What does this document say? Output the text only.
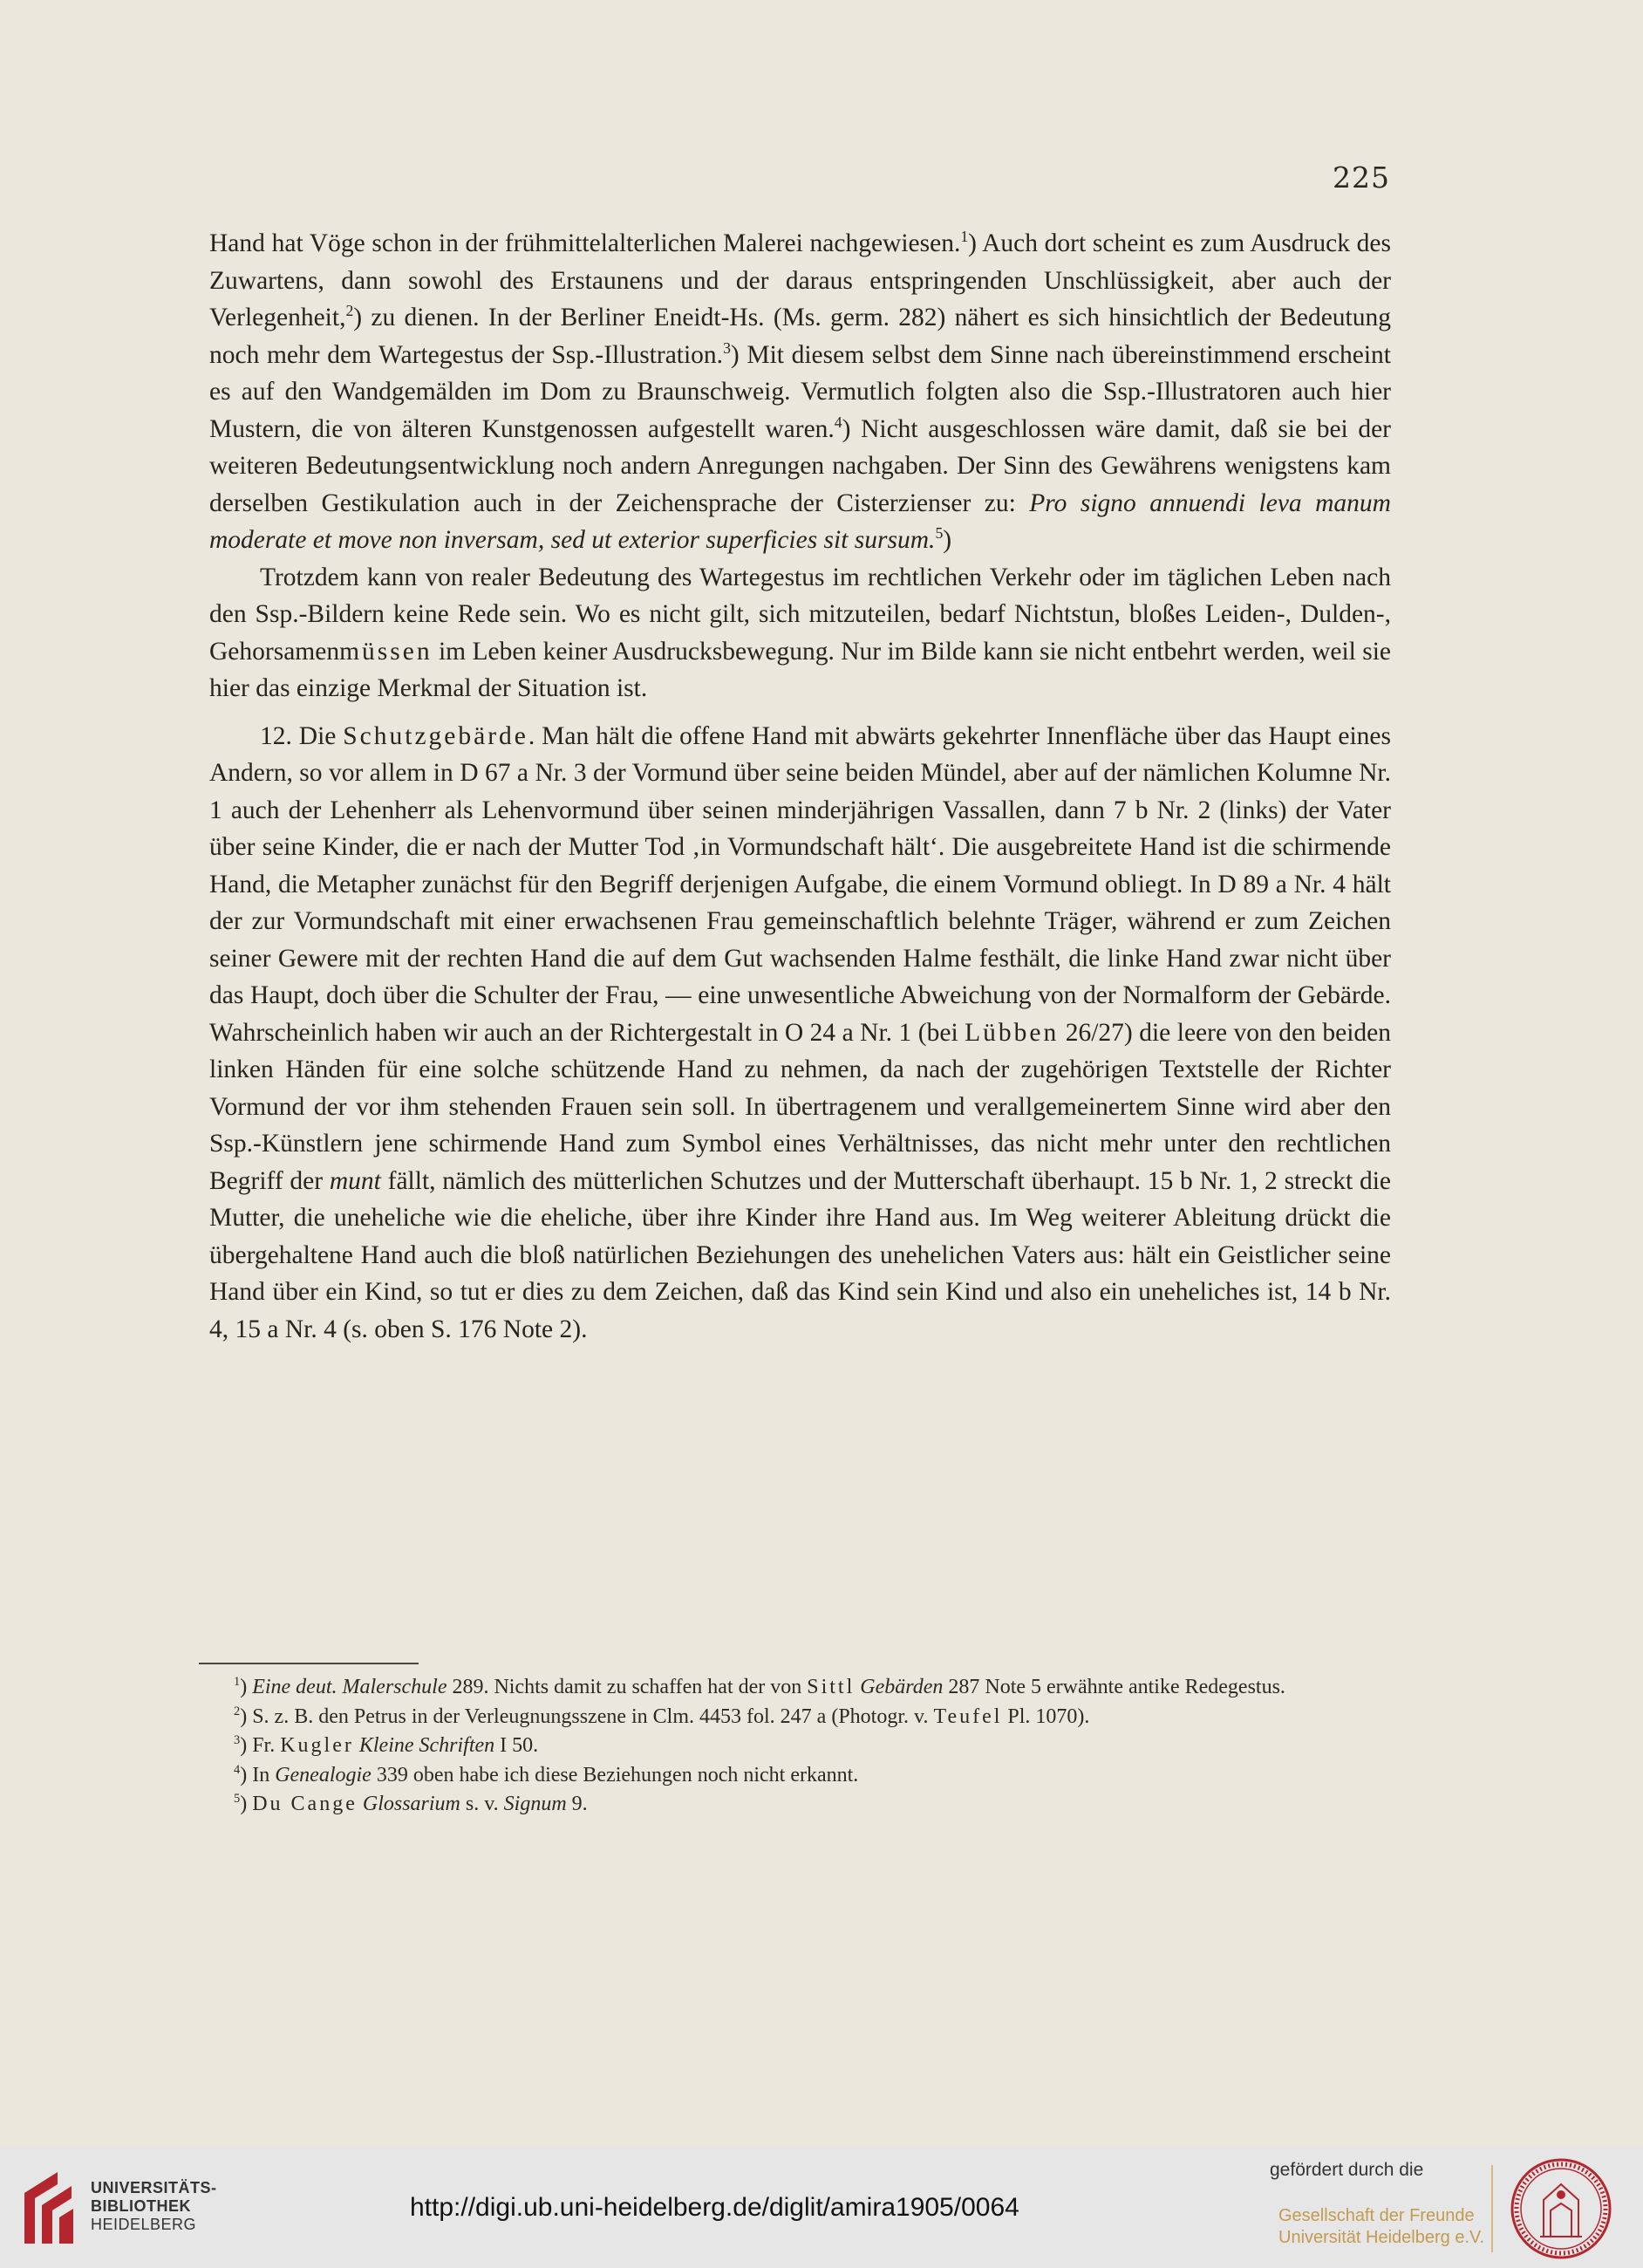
225

Hand hat Vöge schon in der frühmittelalterlichen Malerei nachgewiesen.$^1$) Auch dort scheint es zum Ausdruck des Zuwartens, dann sowohl des Erstaunens und der daraus entspringenden Unschlüssigkeit, aber auch der Verlegenheit,$^2$) zu dienen. In der Berliner Eneidt-Hs. (Ms. germ. 282) nähert es sich hinsichtlich der Bedeutung noch mehr dem Wartegestus der Ssp.-Illustration.$^3$) Mit diesem selbst dem Sinne nach übereinstimmend erscheint es auf den Wandgemälden im Dom zu Braunschweig. Vermutlich folgten also die Ssp.-Illustratoren auch hier Mustern, die von älteren Kunstgenossen aufgestellt waren.$^4$) Nicht ausgeschlossen wäre damit, daß sie bei der weiteren Bedeutungsentwicklung noch andern Anregungen nachgaben. Der Sinn des Gewährens wenigstens kam derselben Gestikulation auch in der Zeichensprache der Cisterzienser zu: Pro signo annuendi leva manum moderate et move non inversam, sed ut exterior superficies sit sursum.$^5$)

Trotzdem kann von realer Bedeutung des Wartegestus im rechtlichen Verkehr oder im täglichen Leben nach den Ssp.-Bildern keine Rede sein. Wo es nicht gilt, sich mitzuteilen, bedarf Nichtstun, bloßes Leiden-, Dulden-, Gehorsamenmüssen im Leben keiner Ausdrucksbewegung. Nur im Bilde kann sie nicht entbehrt werden, weil sie hier das einzige Merkmal der Situation ist.

12. Die Schutzgebärde. Man hält die offene Hand mit abwärts gekehrter Innenfläche über das Haupt eines Andern, so vor allem in D 67 a Nr. 3 der Vormund über seine beiden Mündel, aber auf der nämlichen Kolumne Nr. 1 auch der Lehenherr als Lehenvormund über seinen minderjährigen Vassallen, dann 7 b Nr. 2 (links) der Vater über seine Kinder, die er nach der Mutter Tod ‚in Vormundschaft hält‘. Die ausgebreitete Hand ist die schirmende Hand, die Metapher zunächst für den Begriff derjenigen Aufgabe, die einem Vormund obliegt. In D 89 a Nr. 4 hält der zur Vormundschaft mit einer erwachsenen Frau gemeinschaftlich belehnte Träger, während er zum Zeichen seiner Gewere mit der rechten Hand die auf dem Gut wachsenden Halme festhält, die linke Hand zwar nicht über das Haupt, doch über die Schulter der Frau, — eine unwesentliche Abweichung von der Normalform der Gebärde. Wahrscheinlich haben wir auch an der Richtergestalt in O 24 a Nr. 1 (bei Lübben 26/27) die leere von den beiden linken Händen für eine solche schützende Hand zu nehmen, da nach der zugehörigen Textstelle der Richter Vormund der vor ihm stehenden Frauen sein soll. In übertragenem und verallgemeinertem Sinne wird aber den Ssp.-Künstlern jene schirmende Hand zum Symbol eines Verhältnisses, das nicht mehr unter den rechtlichen Begriff der munt fällt, nämlich des mütterlichen Schutzes und der Mutterschaft überhaupt. 15 b Nr. 1, 2 streckt die Mutter, die uneheliche wie die eheliche, über ihre Kinder ihre Hand aus. Im Weg weiterer Ableitung drückt die übergehaltene Hand auch die bloß natürlichen Beziehungen des unehelichen Vaters aus: hält ein Geistlicher seine Hand über ein Kind, so tut er dies zu dem Zeichen, daß das Kind sein Kind und also ein uneheliches ist, 14 b Nr. 4, 15 a Nr. 4 (s. oben S. 176 Note 2).

$^1$) Eine deut. Malerschule 289. Nichts damit zu schaffen hat der von Sittl Gebärden 287 Note 5 erwähnte antike Redegestus.

$^2$) S. z. B. den Petrus in der Verleugnungsszene in Clm. 4453 fol. 247 a (Photogr. v. Teufel Pl. 1070).

$^3$) Fr. Kugler Kleine Schriften I 50.

$^4$) In Genealogie 339 oben habe ich diese Beziehungen noch nicht erkannt.

$^5$) Du Cange Glossarium s. v. Signum 9.

UNIVERSITÄTS-
BIBLIOTHEK
HEIDELBERG
http://digi.ub.uni-heidelberg.de/diglit/amira1905/0064
gefördert durch die
Gesellschaft der Freunde
Universität Heidelberg e.V.
